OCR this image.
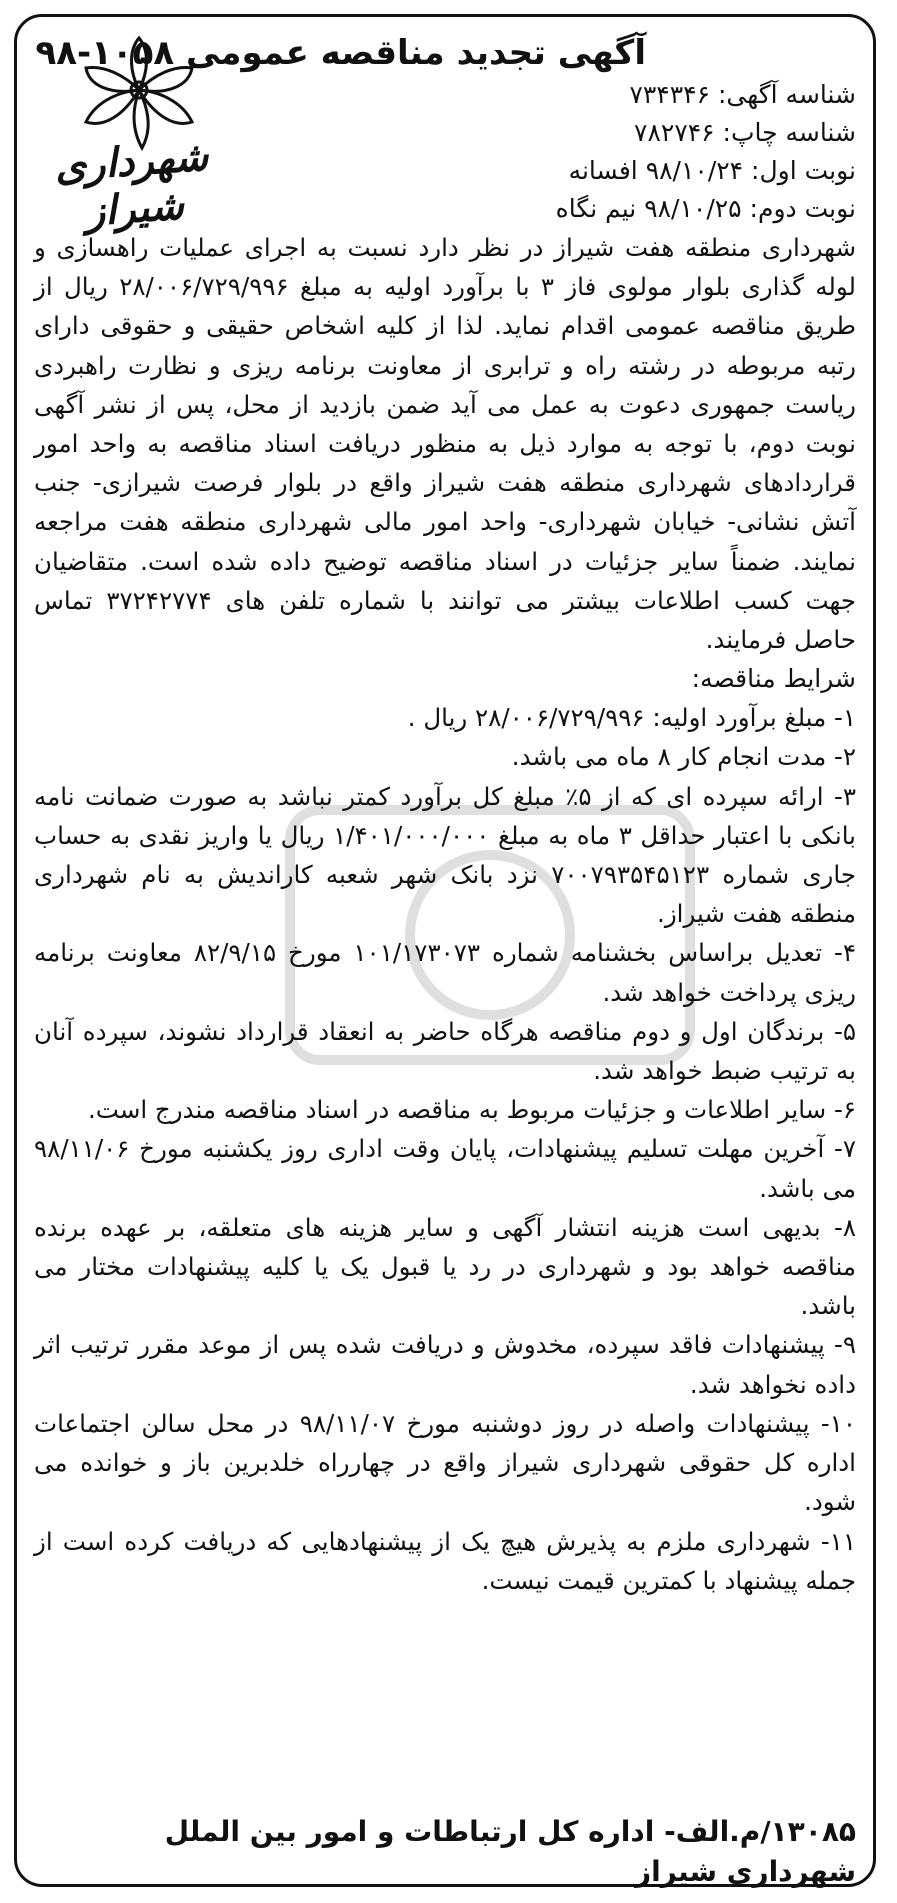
شهرداری شیراز
آگهی تجدید مناقصه عمومی ۱۰۵۸-۹۸
شناسه آگهی: ۷۳۴۳۴۶
شناسه چاپ: ۷۸۲۷۴۶
نوبت اول: ۹۸/۱۰/۲۴ افسانه
نوبت دوم: ۹۸/۱۰/۲۵ نیم نگاه
شهرداری منطقه هفت شیراز در نظر دارد نسبت به اجرای عملیات راهسازی و لوله گذاری بلوار مولوی فاز ۳ با برآورد اولیه به مبلغ ۲۸/۰۰۶/۷۲۹/۹۹۶ ریال از طریق مناقصه عمومی اقدام نماید. لذا از کلیه اشخاص حقیقی و حقوقی دارای رتبه مربوطه در رشته راه و ترابری از معاونت برنامه ریزی و نظارت راهبردی ریاست جمهوری دعوت به عمل می آید ضمن بازدید از محل، پس از نشر آگهی نوبت دوم، با توجه به موارد ذیل به منظور دریافت اسناد مناقصه به واحد امور قراردادهای شهرداری منطقه هفت شیراز واقع در بلوار فرصت شیرازی- جنب آتش نشانی- خیابان شهرداری- واحد امور مالی شهرداری منطقه هفت مراجعه نمایند. ضمناً سایر جزئیات در اسناد مناقصه توضیح داده شده است. متقاضیان جهت کسب اطلاعات بیشتر می توانند با شماره تلفن های ۳۷۲۴۲۷۷۴ تماس حاصل فرمایند.
شرایط مناقصه:
۱- مبلغ برآورد اولیه: ۲۸/۰۰۶/۷۲۹/۹۹۶ ریال .
۲- مدت انجام کار ۸ ماه می باشد.
۳- ارائه سپرده ای که از ۵٪ مبلغ کل برآورد کمتر نباشد به صورت ضمانت نامه بانکی با اعتبار حداقل ۳ ماه به مبلغ ۱/۴۰۱/۰۰۰/۰۰۰ ریال یا واریز نقدی به حساب جاری شماره ۷۰۰۷۹۳۵۴۵۱۲۳ نزد بانک شهر شعبه کاراندیش به نام شهرداری منطقه هفت شیراز.
۴- تعدیل براساس بخشنامه شماره ۱۰۱/۱۷۳۰۷۳ مورخ ۸۲/۹/۱۵ معاونت برنامه ریزی پرداخت خواهد شد.
۵- برندگان اول و دوم مناقصه هرگاه حاضر به انعقاد قرارداد نشوند، سپرده آنان به ترتیب ضبط خواهد شد.
۶- سایر اطلاعات و جزئیات مربوط به مناقصه در اسناد مناقصه مندرج است.
۷- آخرین مهلت تسلیم پیشنهادات، پایان وقت اداری روز یکشنبه مورخ ۹۸/۱۱/۰۶ می باشد.
۸- بدیهی است هزینه انتشار آگهی و سایر هزینه های متعلقه، بر عهده برنده مناقصه خواهد بود و شهرداری در رد یا قبول یک یا کلیه پیشنهادات مختار می باشد.
۹- پیشنهادات فاقد سپرده، مخدوش و دریافت شده پس از موعد مقرر ترتیب اثر داده نخواهد شد.
۱۰- پیشنهادات واصله در روز دوشنبه مورخ ۹۸/۱۱/۰۷ در محل سالن اجتماعات اداره کل حقوقی شهرداری شیراز واقع در چهارراه خلدبرین باز و خوانده می شود.
۱۱- شهرداری ملزم به پذیرش هیچ یک از پیشنهادهایی که دریافت کرده است از جمله پیشنهاد با کمترین قیمت نیست.
۱۳۰۸۵/م.الف- اداره کل ارتباطات و امور بین الملل شهرداری شیراز
